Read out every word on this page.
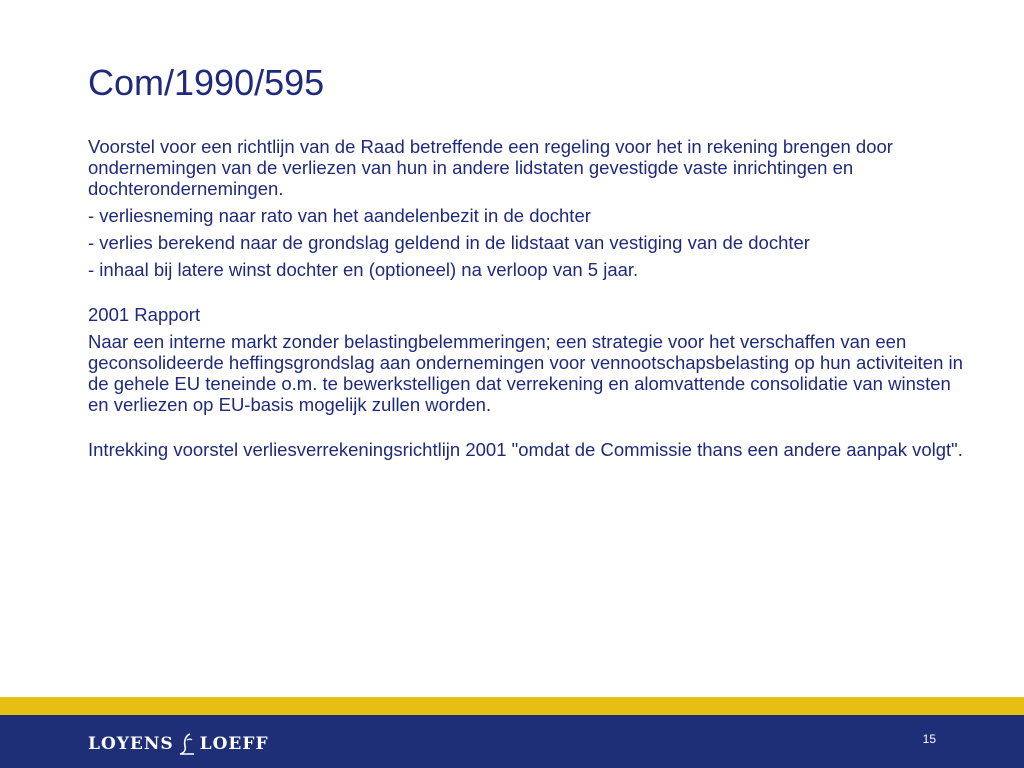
Com/1990/595

Voorstel voor een richtlijn van de Raad betreffende een regeling voor het in rekening brengen door ondernemingen van de verliezen van hun in andere lidstaten gevestigde vaste inrichtingen en dochterondernemingen.

- verliesneming naar rato van het aandelenbezit in de dochter

- verlies berekend naar de grondslag geldend in de lidstaat van vestiging van de dochter

- inhaal bij latere winst dochter en (optioneel) na verloop van 5 jaar.

2001 Rapport

Naar een interne markt zonder belastingbelemmeringen; een strategie voor het verschaffen van een geconsolideerde heffingsgrondslag aan ondernemingen voor vennootschapsbelasting op hun activiteiten in de gehele EU teneinde o.m. te bewerkstelligen dat verrekening en alomvattende consolidatie van winsten en verliezen op EU-basis mogelijk zullen worden.

Intrekking voorstel verliesverrekeningsrichtlijn 2001 "omdat de Commissie thans een andere aanpak volgt".

LOYENS LOEFF	15
